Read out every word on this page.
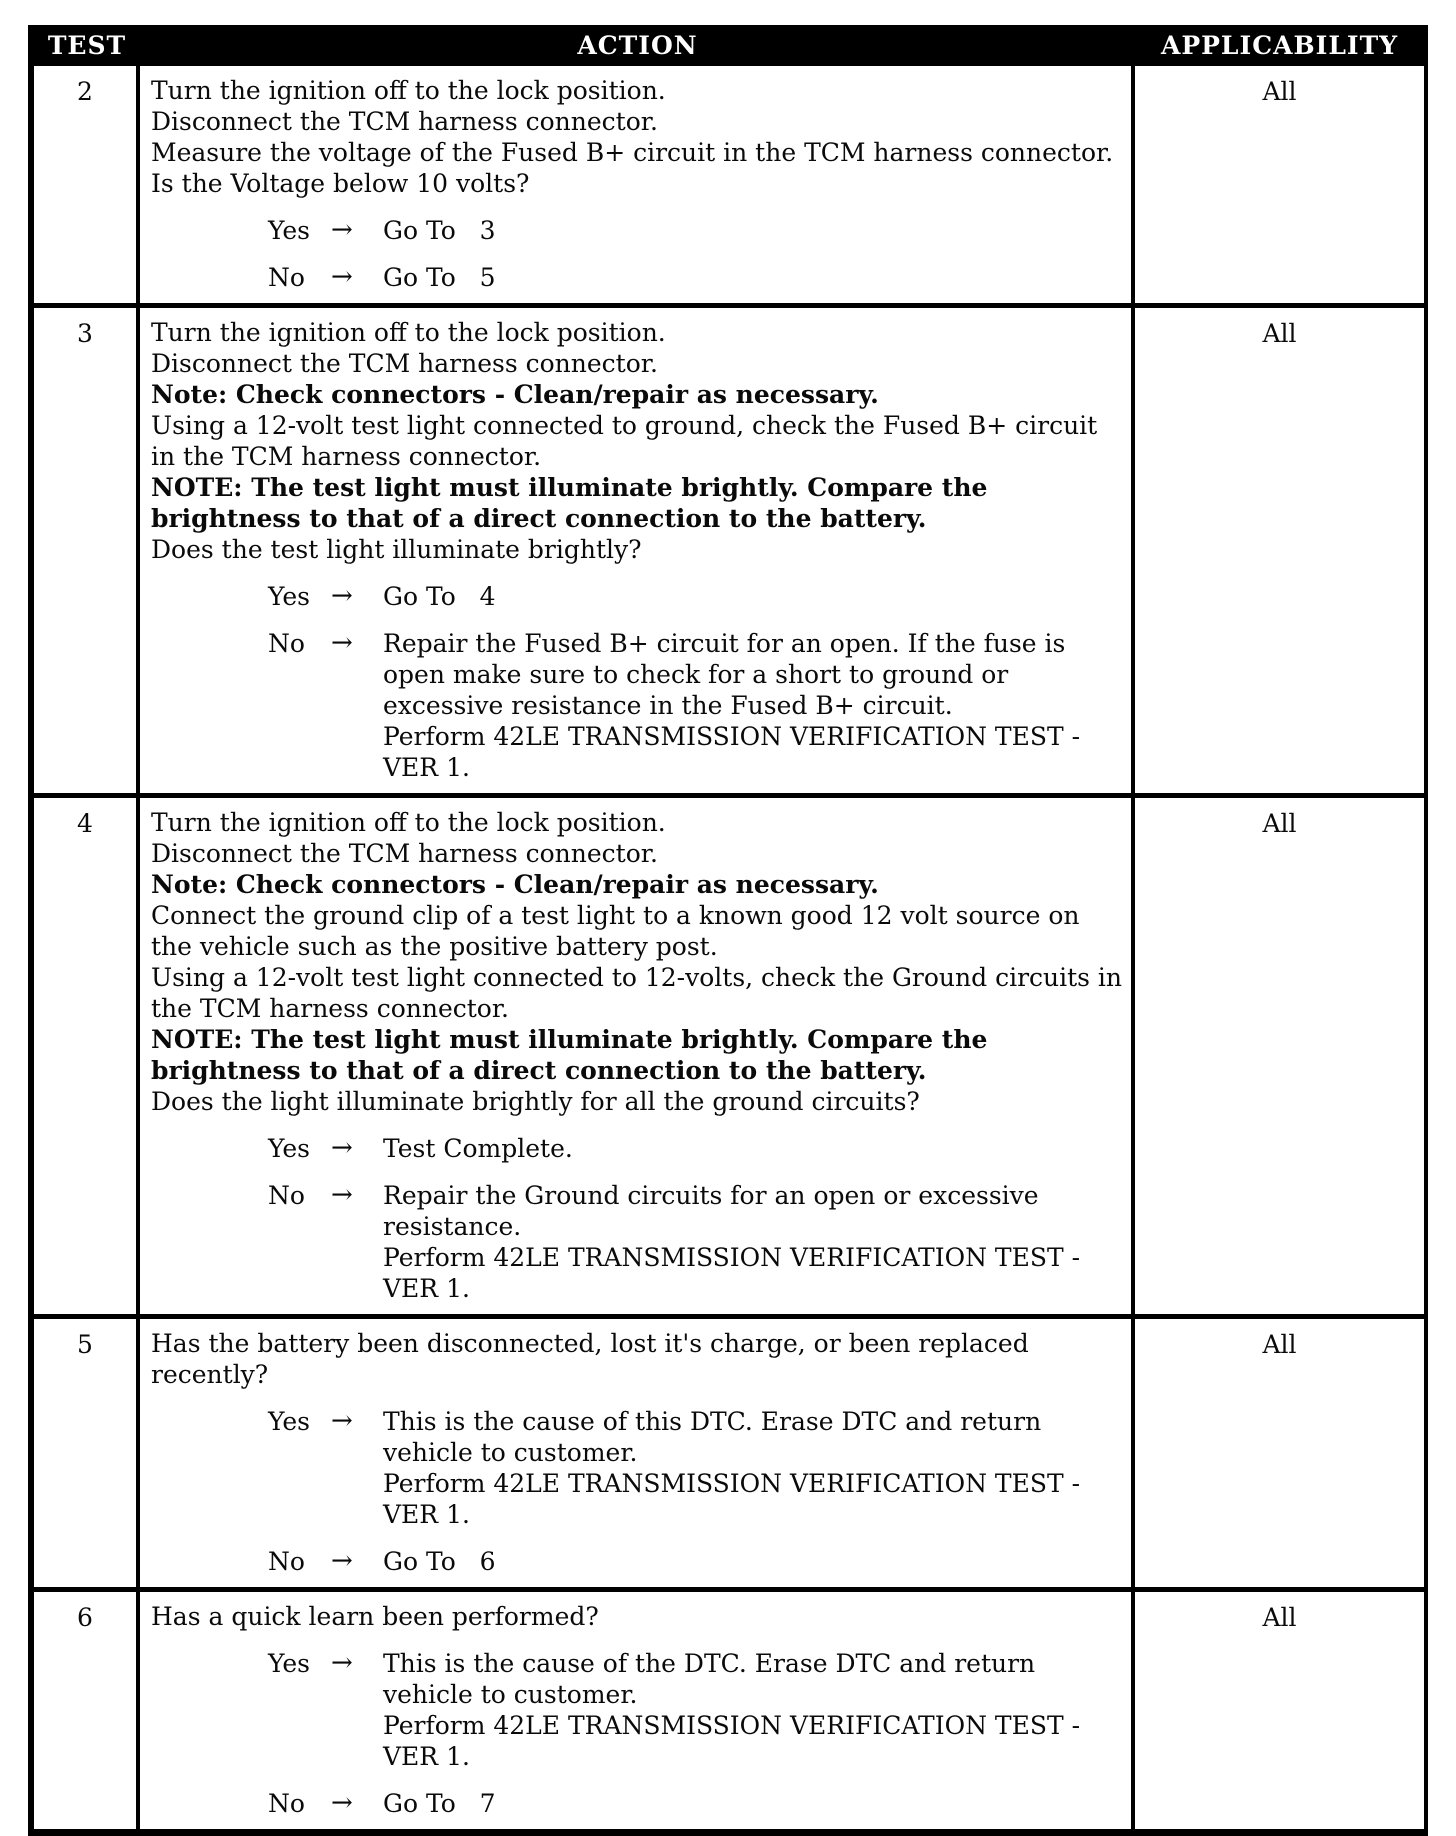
TEST	ACTION	APPLICABILITY
2	Turn the ignition off to the lock position.
Disconnect the TCM harness connector.
Measure the voltage of the Fused B+ circuit in the TCM harness connector.
Is the Voltage below 10 volts?
Yes →	Go To   3
No	→	Go To   5
All
3	Turn the ignition off to the lock position.
Disconnect the TCM harness connector.
Note: Check connectors - Clean/repair as necessary.
Using a 12-volt test light connected to ground, check the Fused B+ circuit in the TCM harness connector.
NOTE: The test light must illuminate brightly. Compare the brightness to that of a direct connection to the battery.
Does the test light illuminate brightly?
Yes →	Go To   4
No	→	Repair the Fused B+ circuit for an open. If the fuse is open make sure to check for a short to ground or excessive resistance in the Fused B+ circuit.
Perform 42LE TRANSMISSION VERIFICATION TEST - VER 1.
All
4	Turn the ignition off to the lock position.
Disconnect the TCM harness connector.
Note: Check connectors - Clean/repair as necessary.
Connect the ground clip of a test light to a known good 12 volt source on the vehicle such as the positive battery post.
Using a 12-volt test light connected to 12-volts, check the Ground circuits in the TCM harness connector.
NOTE: The test light must illuminate brightly. Compare the brightness to that of a direct connection to the battery.
Does the light illuminate brightly for all the ground circuits?
Yes →	Test Complete.
No	→	Repair the Ground circuits for an open or excessive resistance.
Perform 42LE TRANSMISSION VERIFICATION TEST - VER 1.
All
5	Has the battery been disconnected, lost it's charge, or been replaced recently?
Yes →	This is the cause of this DTC. Erase DTC and return vehicle to customer.
Perform 42LE TRANSMISSION VERIFICATION TEST - VER 1.
No	→	Go To   6
All
6	Has a quick learn been performed?
Yes →	This is the cause of the DTC. Erase DTC and return vehicle to customer.
Perform 42LE TRANSMISSION VERIFICATION TEST - VER 1.
No	→	Go To   7
All
